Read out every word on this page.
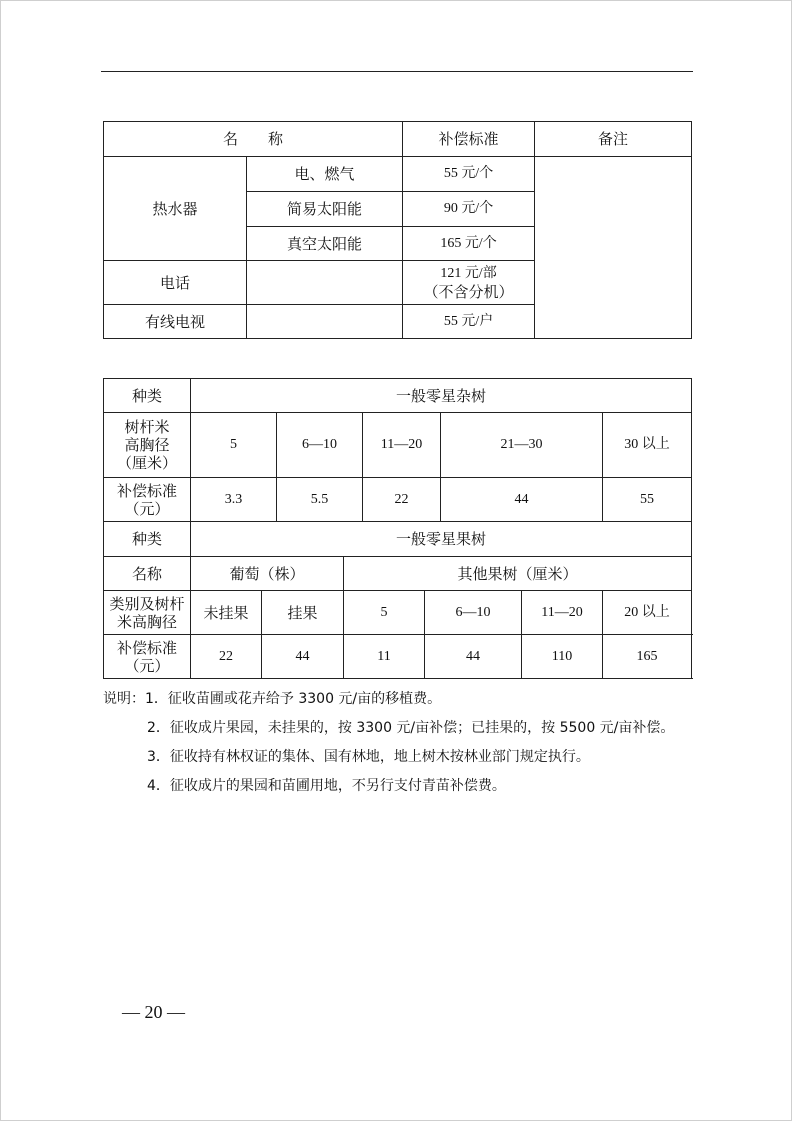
名　　称		补偿标准	备注
热水器	电、燃气	55 元/个	
	简易太阳能	90 元/个	
	真空太阳能	165 元/个	
电话		121 元/部
（不含分机）	

有线电视		55 元/户	
种类	一般零星杂树								

树杆米
高胸径
（厘米）	5		6—10		11—20		21—30		30 以上

补偿标准
（元）	3.3		5.5		22		44		55
种类	一般零星果树								
名称	葡萄（株）			其他果树（厘米）					

类别及树杆
米高胸径	未挂果	挂果		5		6—10		11—20	20 以上

补偿标准
（元）	22	44		11		44		110	165
说明：1．征收苗圃或花卉给予 3300 元/亩的移植费。
2．征收成片果园，未挂果的，按 3300 元/亩补偿；已挂果的，按 5500 元/亩补偿。
3．征收持有林权证的集体、国有林地，地上树木按林业部门规定执行。
4．征收成片的果园和苗圃用地，不另行支付青苗补偿费。
— 20 —
